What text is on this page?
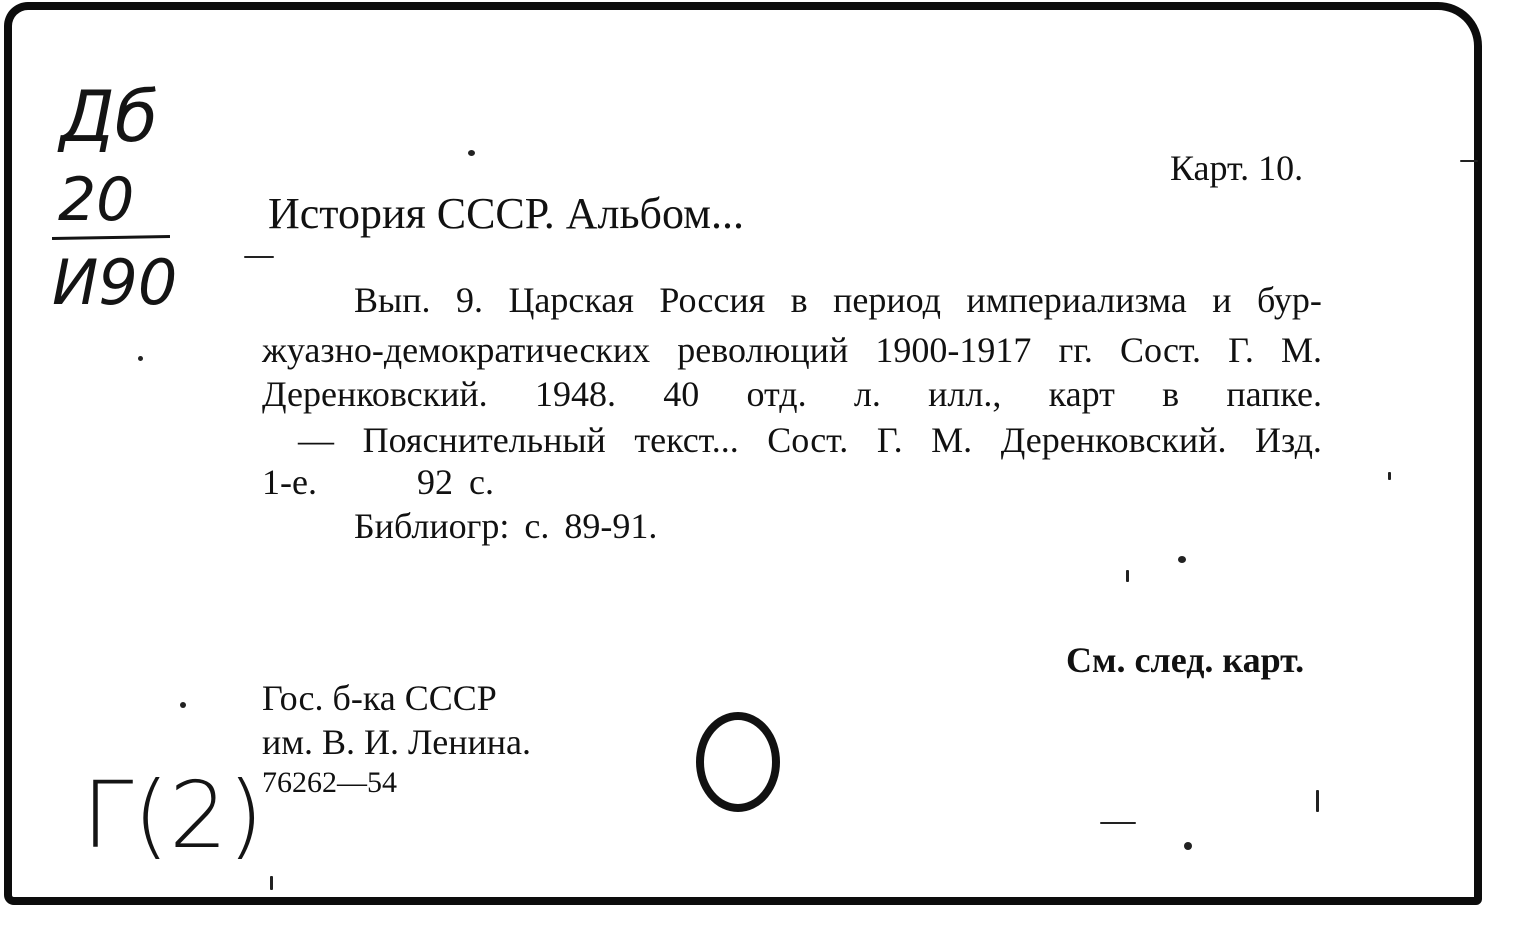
Дб
20
И90
Г(2)
Карт. 10.
История СССР. Альбом...
Вып. 9. Царская Россия в период империализма и бур-
жуазно-демократических революций 1900-1917 гг. Сост. Г. М.
Деренковский. 1948. 40 отд. л. илл., карт в папке.
— Пояснительный текст... Сост. Г. М. Деренковский. Изд.
1-е.	92 с.
Библиогр: с. 89-91.
См. след. карт.
Гос. б-ка СССР
им. В. И. Ленина.
76262—54
